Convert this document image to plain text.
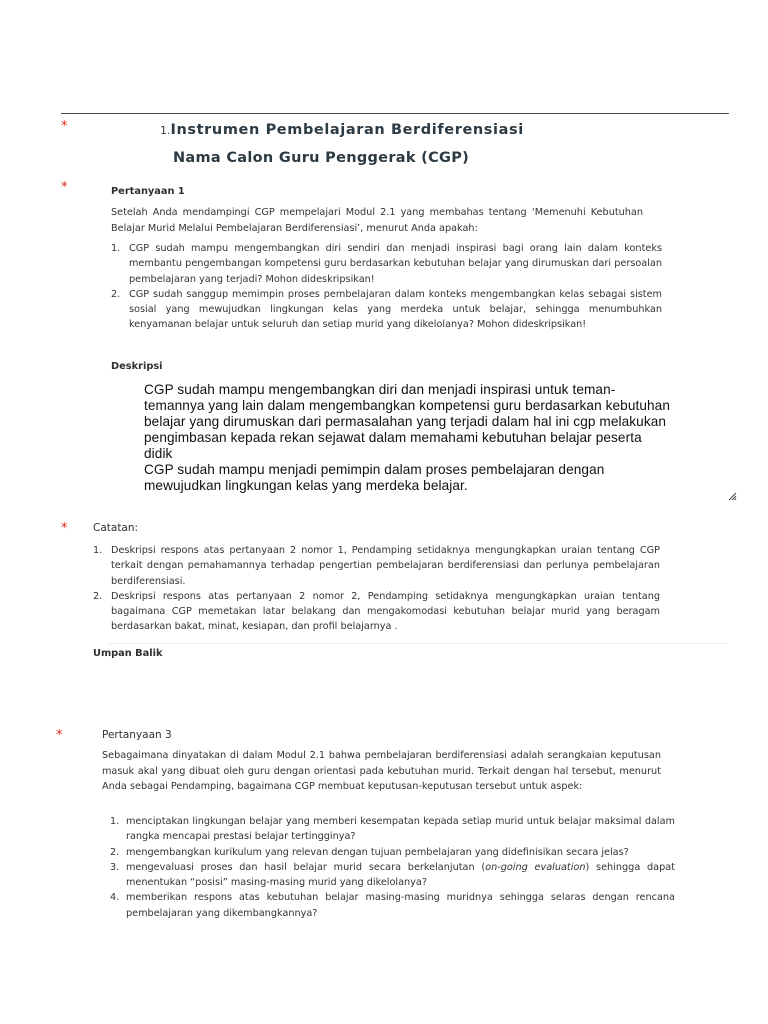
*	1.Instrumen Pembelajaran Berdiferensiasi
Nama Calon Guru Penggerak (CGP)
*	Pertanyaan 1
Setelah Anda mendampingi CGP mempelajari Modul 2.1 yang membahas tentang ‘Memenuhi Kebutuhan Belajar Murid Melalui Pembelajaran Berdiferensiasi’, menurut Anda apakah:
1. CGP sudah mampu mengembangkan diri sendiri dan menjadi inspirasi bagi orang lain dalam konteks membantu pengembangan kompetensi guru berdasarkan kebutuhan belajar yang dirumuskan dari persoalan pembelajaran yang terjadi? Mohon dideskripsikan!
2. CGP sudah sanggup memimpin proses pembelajaran dalam konteks mengembangkan kelas sebagai sistem sosial yang mewujudkan lingkungan kelas yang merdeka untuk belajar, sehingga menumbuhkan kenyamanan belajar untuk seluruh dan setiap murid yang dikelolanya? Mohon dideskripsikan!
Deskripsi
CGP sudah mampu mengembangkan diri dan menjadi inspirasi untuk teman-temannya yang lain dalam mengembangkan kompetensi guru berdasarkan kebutuhan belajar yang dirumuskan dari permasalahan yang terjadi dalam hal ini cgp melakukan pengimbasan kepada rekan sejawat dalam memahami kebutuhan belajar peserta didik
CGP sudah mampu menjadi pemimpin dalam proses pembelajaran dengan mewujudkan lingkungan kelas yang merdeka belajar.
* Catatan:
1. Deskripsi respons atas pertanyaan 2 nomor 1, Pendamping setidaknya mengungkapkan uraian tentang CGP terkait dengan pemahamannya terhadap pengertian pembelajaran berdiferensiasi dan perlunya pembelajaran berdiferensiasi.
2. Deskripsi respons atas pertanyaan 2 nomor 2, Pendamping setidaknya mengungkapkan uraian tentang bagaimana CGP memetakan latar belakang dan mengakomodasi kebutuhan belajar murid yang beragam berdasarkan bakat, minat, kesiapan, dan profil belajarnya .
Umpan Balik
*	Pertanyaan 3
Sebagaimana dinyatakan di dalam Modul 2.1 bahwa pembelajaran berdiferensiasi adalah serangkaian keputusan masuk akal yang dibuat oleh guru dengan orientasi pada kebutuhan murid. Terkait dengan hal tersebut, menurut Anda sebagai Pendamping, bagaimana CGP membuat keputusan-keputusan tersebut untuk aspek:
1. menciptakan lingkungan belajar yang memberi kesempatan kepada setiap murid untuk belajar maksimal dalam rangka mencapai prestasi belajar tertingginya?
2. mengembangkan kurikulum yang relevan dengan tujuan pembelajaran yang didefinisikan secara jelas?
3. mengevaluasi proses dan hasil belajar murid secara berkelanjutan (on-going evaluation) sehingga dapat menentukan “posisi” masing-masing murid yang dikelolanya?
4. memberikan respons atas kebutuhan belajar masing-masing muridnya sehingga selaras dengan rencana pembelajaran yang dikembangkannya?
